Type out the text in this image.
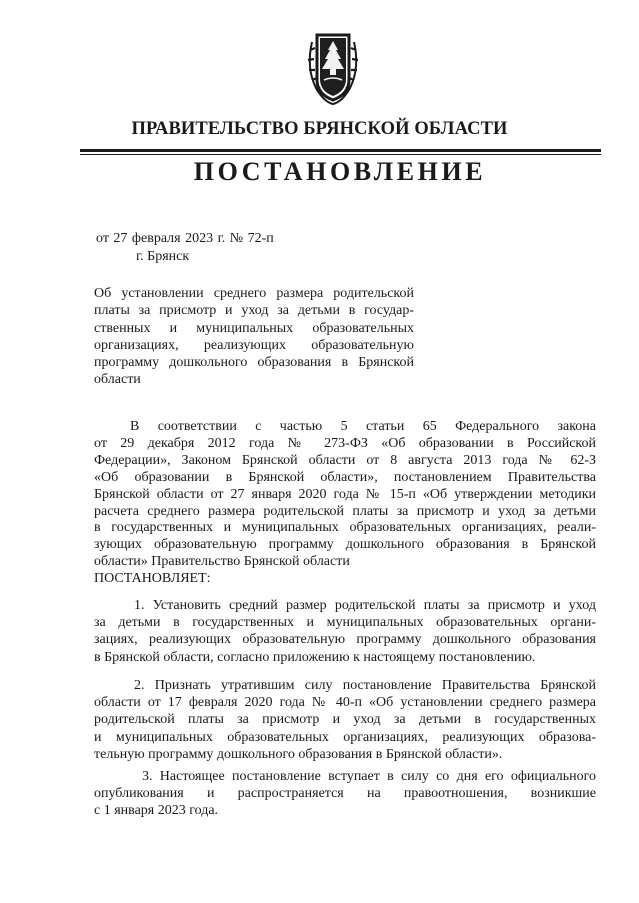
ПРАВИТЕЛЬСТВО БРЯНСКОЙ ОБЛАСТИ
ПОСТАНОВЛЕНИЕ
от 27 февраля 2023 г. № 72-п
г. Брянск
Об установлении среднего размера родительской
платы за присмотр и уход за детьми в государ-
ственных и муниципальных образовательных
организациях, реализующих образовательную
программу дошкольного образования в Брянской
области
В соответствии с частью 5 статьи 65 Федерального закона
от 29 декабря 2012 года № 273-ФЗ «Об образовании в Российской
Федерации», Законом Брянской области от 8 августа 2013 года № 62-З
«Об образовании в Брянской области», постановлением Правительства
Брянской области от 27 января 2020 года № 15-п «Об утверждении методики
расчета среднего размера родительской платы за присмотр и уход за детьми
в государственных и муниципальных образовательных организациях, реали-
зующих образовательную программу дошкольного образования в Брянской
области» Правительство Брянской области
ПОСТАНОВЛЯЕТ:
1. Установить средний размер родительской платы за присмотр и уход
за детьми в государственных и муниципальных образовательных органи-
зациях, реализующих образовательную программу дошкольного образования
в Брянской области, согласно приложению к настоящему постановлению.
2. Признать утратившим силу постановление Правительства Брянской
области от 17 февраля 2020 года № 40-п «Об установлении среднего размера
родительской платы за присмотр и уход за детьми в государственных
и муниципальных образовательных организациях, реализующих образова-
тельную программу дошкольного образования в Брянской области».
3. Настоящее постановление вступает в силу со дня его официального
опубликования и распространяется на правоотношения, возникшие
с 1 января 2023 года.
